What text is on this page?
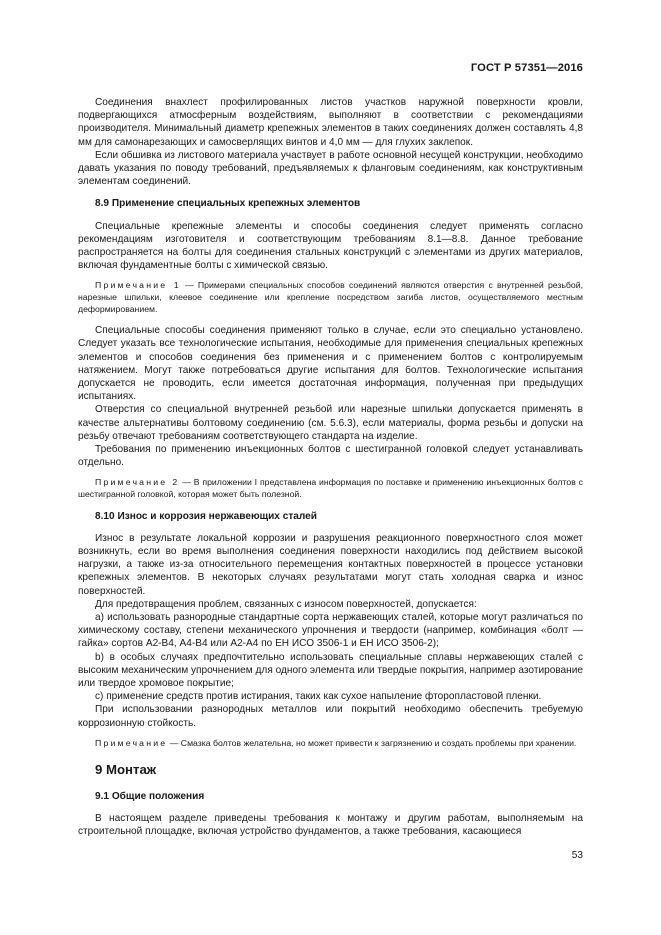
ГОСТ Р 57351—2016
Соединения внахлест профилированных листов участков наружной поверхности кровли, подвергающихся атмосферным воздействиям, выполняют в соответствии с рекомендациями производителя. Минимальный диаметр крепежных элементов в таких соединениях должен составлять 4,8 мм для самонарезающих и самосверлящих винтов и 4,0 мм — для глухих заклепок.
Если обшивка из листового материала участвует в работе основной несущей конструкции, необходимо давать указания по поводу требований, предъявляемых к фланговым соединениям, как конструктивным элементам соединений.
8.9 Применение специальных крепежных элементов
Специальные крепежные элементы и способы соединения следует применять согласно рекомендациям изготовителя и соответствующим требованиям 8.1—8.8. Данное требование распространяется на болты для соединения стальных конструкций с элементами из других материалов, включая фундаментные болты с химической связью.
Примечание 1 — Примерами специальных способов соединений являются отверстия с внутренней резьбой, нарезные шпильки, клеевое соединение или крепление посредством загиба листов, осуществляемого местным деформированием.
Специальные способы соединения применяют только в случае, если это специально установлено. Следует указать все технологические испытания, необходимые для применения специальных крепежных элементов и способов соединения без применения и с применением болтов с контролируемым натяжением. Могут также потребоваться другие испытания для болтов. Технологические испытания допускается не проводить, если имеется достаточная информация, полученная при предыдущих испытаниях.
Отверстия со специальной внутренней резьбой или нарезные шпильки допускается применять в качестве альтернативы болтовому соединению (см. 5.6.3), если материалы, форма резьбы и допуски на резьбу отвечают требованиям соответствующего стандарта на изделие.
Требования по применению инъекционных болтов с шестигранной головкой следует устанавливать отдельно.
Примечание 2 — В приложении I представлена информация по поставке и применению инъекционных болтов с шестигранной головкой, которая может быть полезной.
8.10 Износ и коррозия нержавеющих сталей
Износ в результате локальной коррозии и разрушения реакционного поверхностного слоя может возникнуть, если во время выполнения соединения поверхности находились под действием высокой нагрузки, а также из-за относительного перемещения контактных поверхностей в процессе установки крепежных элементов. В некоторых случаях результатами могут стать холодная сварка и износ поверхностей.
Для предотвращения проблем, связанных с износом поверхностей, допускается:
a) использовать разнородные стандартные сорта нержавеющих сталей, которые могут различаться по химическому составу, степени механического упрочнения и твердости (например, комбинация «болт — гайка» сортов А2-В4, А4-В4 или А2-А4 по ЕН ИСО 3506-1 и ЕН ИСО 3506-2);
b) в особых случаях предпочтительно использовать специальные сплавы нержавеющих сталей с высоким механическим упрочнением для одного элемента или твердые покрытия, например азотирование или твердое хромовое покрытие;
c) применение средств против истирания, таких как сухое напыление фторопластовой пленки.
При использовании разнородных металлов или покрытий необходимо обеспечить требуемую коррозионную стойкость.
Примечание — Смазка болтов желательна, но может привести к загрязнению и создать проблемы при хранении.
9 Монтаж
9.1 Общие положения
В настоящем разделе приведены требования к монтажу и другим работам, выполняемым на строительной площадке, включая устройство фундаментов, а также требования, касающиеся
53
